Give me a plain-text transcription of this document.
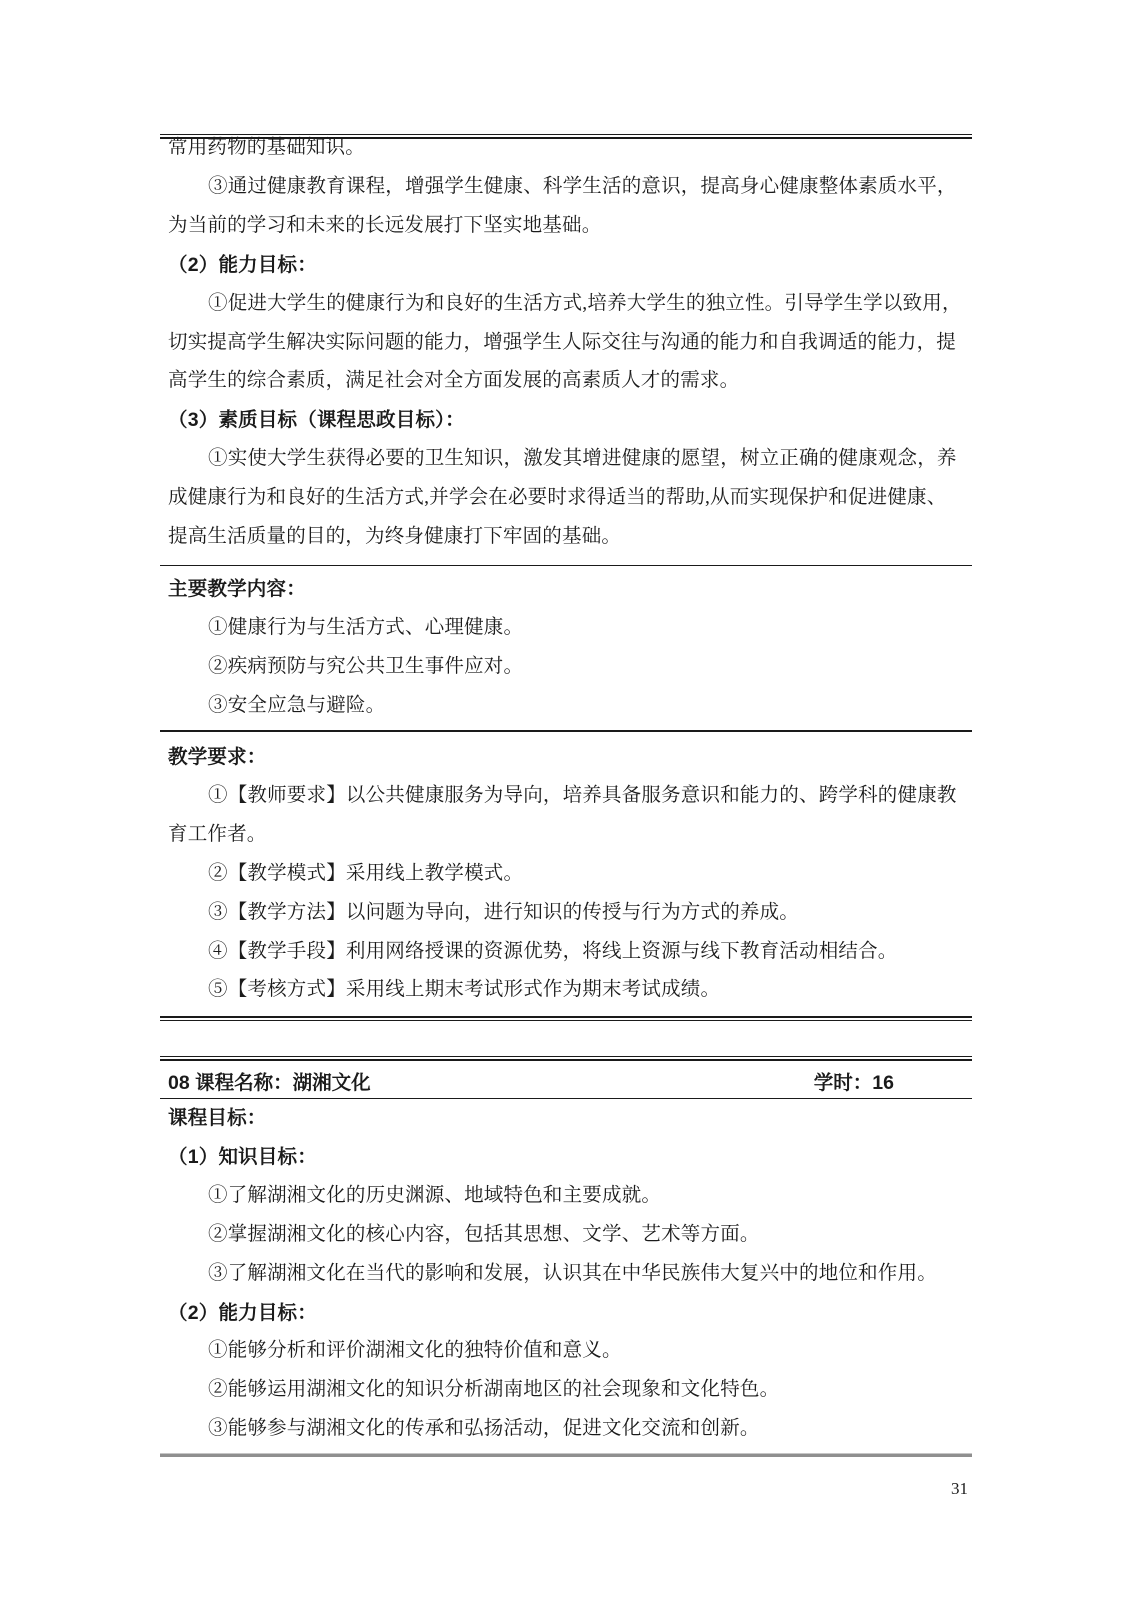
常用药物的基础知识。
③通过健康教育课程，增强学生健康、科学生活的意识，提高身心健康整体素质水平，
为当前的学习和未来的长远发展打下坚实地基础。
（2）能力目标：
①促进大学生的健康行为和良好的生活方式,培养大学生的独立性。引导学生学以致用，
切实提高学生解决实际问题的能力，增强学生人际交往与沟通的能力和自我调适的能力，提
高学生的综合素质，满足社会对全方面发展的高素质人才的需求。
（3）素质目标（课程思政目标）：
①实使大学生获得必要的卫生知识，激发其增进健康的愿望，树立正确的健康观念，养
成健康行为和良好的生活方式,并学会在必要时求得适当的帮助,从而实现保护和促进健康、
提高生活质量的目的，为终身健康打下牢固的基础。
主要教学内容：
①健康行为与生活方式、心理健康。
②疾病预防与究公共卫生事件应对。
③安全应急与避险。
教学要求：
①【教师要求】以公共健康服务为导向，培养具备服务意识和能力的、跨学科的健康教
育工作者。
②【教学模式】采用线上教学模式。
③【教学方法】以问题为导向，进行知识的传授与行为方式的养成。
④【教学手段】利用网络授课的资源优势，将线上资源与线下教育活动相结合。
⑤【考核方式】采用线上期末考试形式作为期末考试成绩。
08 课程名称：湖湘文化	学时：16
课程目标：
（1）知识目标：
①了解湖湘文化的历史渊源、地域特色和主要成就。
②掌握湖湘文化的核心内容，包括其思想、文学、艺术等方面。
③了解湖湘文化在当代的影响和发展，认识其在中华民族伟大复兴中的地位和作用。
（2）能力目标：
①能够分析和评价湖湘文化的独特价值和意义。
②能够运用湖湘文化的知识分析湖南地区的社会现象和文化特色。
③能够参与湖湘文化的传承和弘扬活动，促进文化交流和创新。
31
